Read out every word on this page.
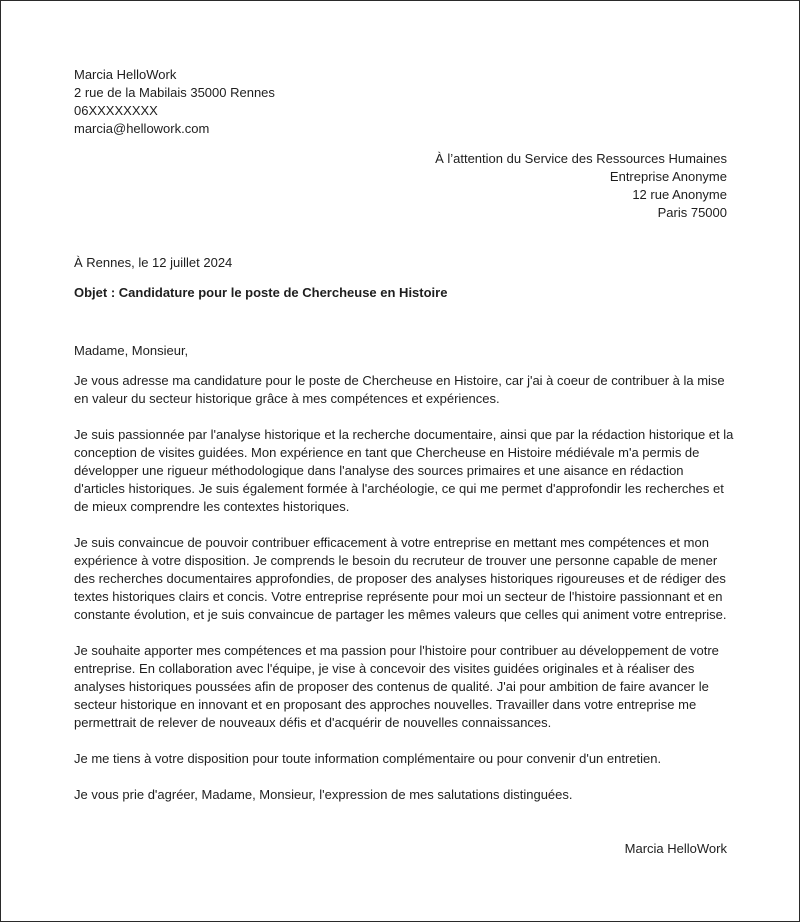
Marcia HelloWork
2 rue de la Mabilais 35000 Rennes
06XXXXXXXX
marcia@hellowork.com
À l’attention du Service des Ressources Humaines
Entreprise Anonyme
12 rue Anonyme
Paris 75000
À Rennes, le 12 juillet 2024
Objet : Candidature pour le poste de Chercheuse en Histoire

Madame, Monsieur,

Je vous adresse ma candidature pour le poste de Chercheuse en Histoire, car j'ai à coeur de contribuer à la mise en valeur du secteur historique grâce à mes compétences et expériences.

Je suis passionnée par l'analyse historique et la recherche documentaire, ainsi que par la rédaction historique et la conception de visites guidées. Mon expérience en tant que Chercheuse en Histoire médiévale m'a permis de développer une rigueur méthodologique dans l'analyse des sources primaires et une aisance en rédaction d'articles historiques. Je suis également formée à l'archéologie, ce qui me permet d'approfondir les recherches et de mieux comprendre les contextes historiques.

Je suis convaincue de pouvoir contribuer efficacement à votre entreprise en mettant mes compétences et mon expérience à votre disposition. Je comprends le besoin du recruteur de trouver une personne capable de mener des recherches documentaires approfondies, de proposer des analyses historiques rigoureuses et de rédiger des textes historiques clairs et concis. Votre entreprise représente pour moi un secteur de l'histoire passionnant et en constante évolution, et je suis convaincue de partager les mêmes valeurs que celles qui animent votre entreprise.

Je souhaite apporter mes compétences et ma passion pour l'histoire pour contribuer au développement de votre entreprise. En collaboration avec l'équipe, je vise à concevoir des visites guidées originales et à réaliser des analyses historiques poussées afin de proposer des contenus de qualité. J'ai pour ambition de faire avancer le secteur historique en innovant et en proposant des approches nouvelles. Travailler dans votre entreprise me permettrait de relever de nouveaux défis et d'acquérir de nouvelles connaissances.

Je me tiens à votre disposition pour toute information complémentaire ou pour convenir d'un entretien.

Je vous prie d'agréer, Madame, Monsieur, l'expression de mes salutations distinguées.

Marcia HelloWork
